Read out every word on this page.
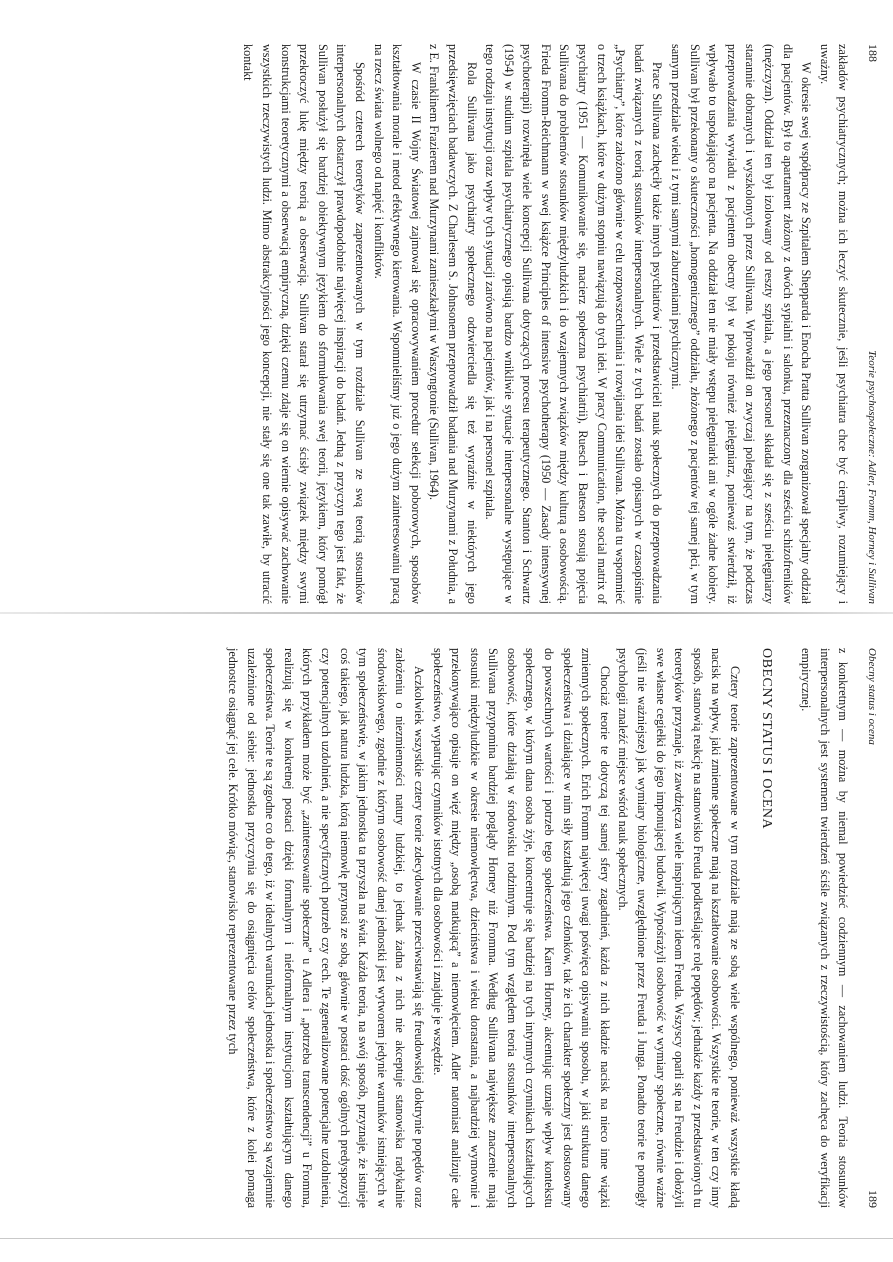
188
Teorie psychospołeczne: Adler, Fromm, Horney i Sullivan

zakładów psychiatrycznych; można ich leczyć skutecznie, jeśli psychiatra chce być cierpliwy, rozumiejący i uważny.

W okresie swej współpracy ze Szpitalem Shepparda i Enocha Pratta Sullivan zorganizował specjalny oddział dla pacjentów. Był to apartament złożony z dwóch sypialni i salonku, przeznaczony dla sześciu schizofreników (mężczyzn). Oddział ten był izolowany od reszty szpitala, a jego personel składał się z sześciu pielęgniarzy starannie dobranych i wyszkolonych przez Sullivana. Wprowadził on zwyczaj polegający na tym, że podczas przeprowadzania wywiadu z pacjentem obecny był w pokoju również pielęgniarz, ponieważ stwierdził, iż wpływało to uspokajająco na pacjenta. Na oddział ten nie miały wstępu pielęgniarki ani w ogóle żadne kobiety. Sullivan był przekonany o skuteczności „homogenicznego” oddziału, złożonego z pacjentów tej samej płci, w tym samym przedziale wieku i z tymi samymi zaburzeniami psychicznymi.

Prace Sullivana zachęciły także innych psychiatrów i przedstawicieli nauk społecznych do przeprowadzania badań związanych z teorią stosunków interpersonalnych. Wiele z tych badań zostało opisanych w czasopiśmie „Psychiatry”, które założono głównie w celu rozpowszechniania i rozwijania idei Sullivana. Można tu wspomnieć o trzech książkach, które w dużym stopniu nawiązują do tych idei. W pracy Communication, the social matrix of psychiatry (1951 — Komunikowanie się, macierz społeczna psychiatrii), Ruesch i Bateson stosują pojęcia Sullivana do problemów stosunków międzyludzkich i do wzajemnych związków między kulturą a osobowością. Frieda Fromm-Reichmann w swej książce Principles of intensive psychotherapy (1950 — Zasady intensywnej psychoterapii) rozwinęła wiele koncepcji Sullivana dotyczących procesu terapeutycznego. Stanton i Schwartz (1954) w studium szpitala psychiatrycznego opisują bardzo wnikliwie sytuacje interpersonalne występujące w tego rodzaju instytucji oraz wpływ tych sytuacji zarówno na pacjentów, jak i na personel szpitala.

Rola Sullivana jako psychiatry społecznego odzwierciedla się też wyraźnie w niektórych jego przedsięwzięciach badawczych. Z Charlesem S. Johnsonem przeprowadził badania nad Murzynami z Południa, a z E. Franklinem Frazierem nad Murzynami zamieszkałymi w Waszyngtonie (Sullivan, 1964).

W czasie II Wojny Światowej zajmował się opracowywaniem procedur selekcji poborowych, sposobów kształtowania morale i metod efektywnego kierowania. Wspomnieliśmy już o jego dużym zainteresowaniu pracą na rzecz świata wolnego od napięć i konfliktów.

Spośród czterech teoretyków zaprezentowanych w tym rozdziale Sullivan ze swą teorią stosunków interpersonalnych dostarczył prawdopodobnie najwięcej inspiracji do badań. Jedną z przyczyn tego jest fakt, że Sullivan posłużył się bardziej obiektywnym językiem do sformułowania swej teorii, językiem, który pomógł przekroczyć lukę między teorią a obserwacją. Sullivan starał się utrzymać ścisły związek między swymi konstrukcjami teoretycznymi a obserwacją empiryczną, dzięki czemu zdaje się on wiernie opisywać zachowanie wszystkich rzeczywistych ludzi. Mimo abstrakcyjności jego koncepcji, nie stały się one tak zawiłe, by utracić kontakt

Obecny status i ocena
189

z konkretnym — można by niemal powiedzieć codziennym — zachowaniem ludzi. Teoria stosunków interpersonalnych jest systemem twierdzeń ściśle związanych z rzeczywistością, który zachęca do weryfikacji empirycznej.

OBECNY STATUS I OCENA

Cztery teorie zaprezentowane w tym rozdziale mają ze sobą wiele wspólnego, ponieważ wszystkie kładą nacisk na wpływ, jaki zmienne społeczne mają na kształtowanie osobowości. Wszystkie te teorie, w ten czy inny sposób, stanowią reakcję na stanowisko Freuda podkreślające rolę popędów; jednakże każdy z przedstawionych tu teoretyków przyznaje, iż zawdzięcza wiele inspirującym ideom Freuda. Wszyscy oparli się na Freudzie i dołożyli swe własne cegiełki do jego imponującej budowli. Wypośrażyli osobowość w wymiary społeczne, równie ważne (jeśli nie ważniejsze) jak wymiary biologiczne, uwzględnione przez Freuda i Junga. Ponadto teorie te pomogły psychologii znaleźć miejsce wśród nauk społecznych.

Chociaż teorie te dotyczą tej samej sfery zagadnień, każda z nich kładzie nacisk na nieco inne wiązki zmiennych społecznych. Erich Fromm najwięcej uwagi poświęca opisywaniu sposobu, w jaki struktura danego społeczeństwa i działające w nim siły kształtują jego członków, tak że ich charakter społeczny jest dostosowany do powszechnych wartości i potrzeb tego społeczeństwa. Karen Horney, akcentując uznaje wpływ kontekstu społecznego, w którym dana osoba żyje, koncentruje się bardziej na tych intymnych czynnikach kształtujących osobowość, które działają w środowisku rodzinnym. Pod tym względem teoria stosunków interpersonalnych Sullivana przypomina bardziej poglądy Horney niż Fromma. Według Sullivana największe znaczenie mają stosunki międzyludzkie w okresie niemowlęctwa, dzieciństwa i wieku dorastania, a najbardziej wymownie i przekonywająco opisuje on więź między „osobą matkującą” a niemowlęciem. Adler natomiast analizuje całe społeczeństwo, wypatrując czynników istotnych dla osobowości i znajduje je wszędzie.

Aczkolwiek wszystkie cztery teorie zdecydowanie przeciwstawiają się freudowskiej doktrynie popędów oraz założeniu o niezmienności natury ludzkiej, to jednak żadna z nich nie akceptuje stanowiska radykalnie środowiskowego, zgodnie z którym osobowość danej jednostki jest wytworem jedynie warunków istniejących w tym społeczeństwie, w jakim jednostka ta przyszła na świat. Każda teoria, na swój sposób, przyznaje, że istnieje coś takiego, jak natura ludzka, którą niemowlę przynosi ze sobą, głównie w postaci dość ogólnych predyspozycji czy potencjalnych uzdolnień, a nie specyficznych potrzeb czy cech. Te zgeneralizowane potencjalne uzdolnienia, których przykładem może być „zainteresowanie społeczne” u Adlera i „potrzeba transcendencji” u Fromma, realizują się w konkretnej postaci dzięki formalnym i nieformalnym instytucjom kształtującym danego społeczeństwa. Teorie te są zgodne co do tego, iż w idealnych warunkach jednostka i społeczeństwo są wzajemnie uzależnione od siebie: jednostka przyczynia się do osiągnięcia celów społeczeństwa, które z kolei pomaga jednostce osiągnąć jej cele. Krótko mówiąc, stanowisko reprezentowane przez tych
